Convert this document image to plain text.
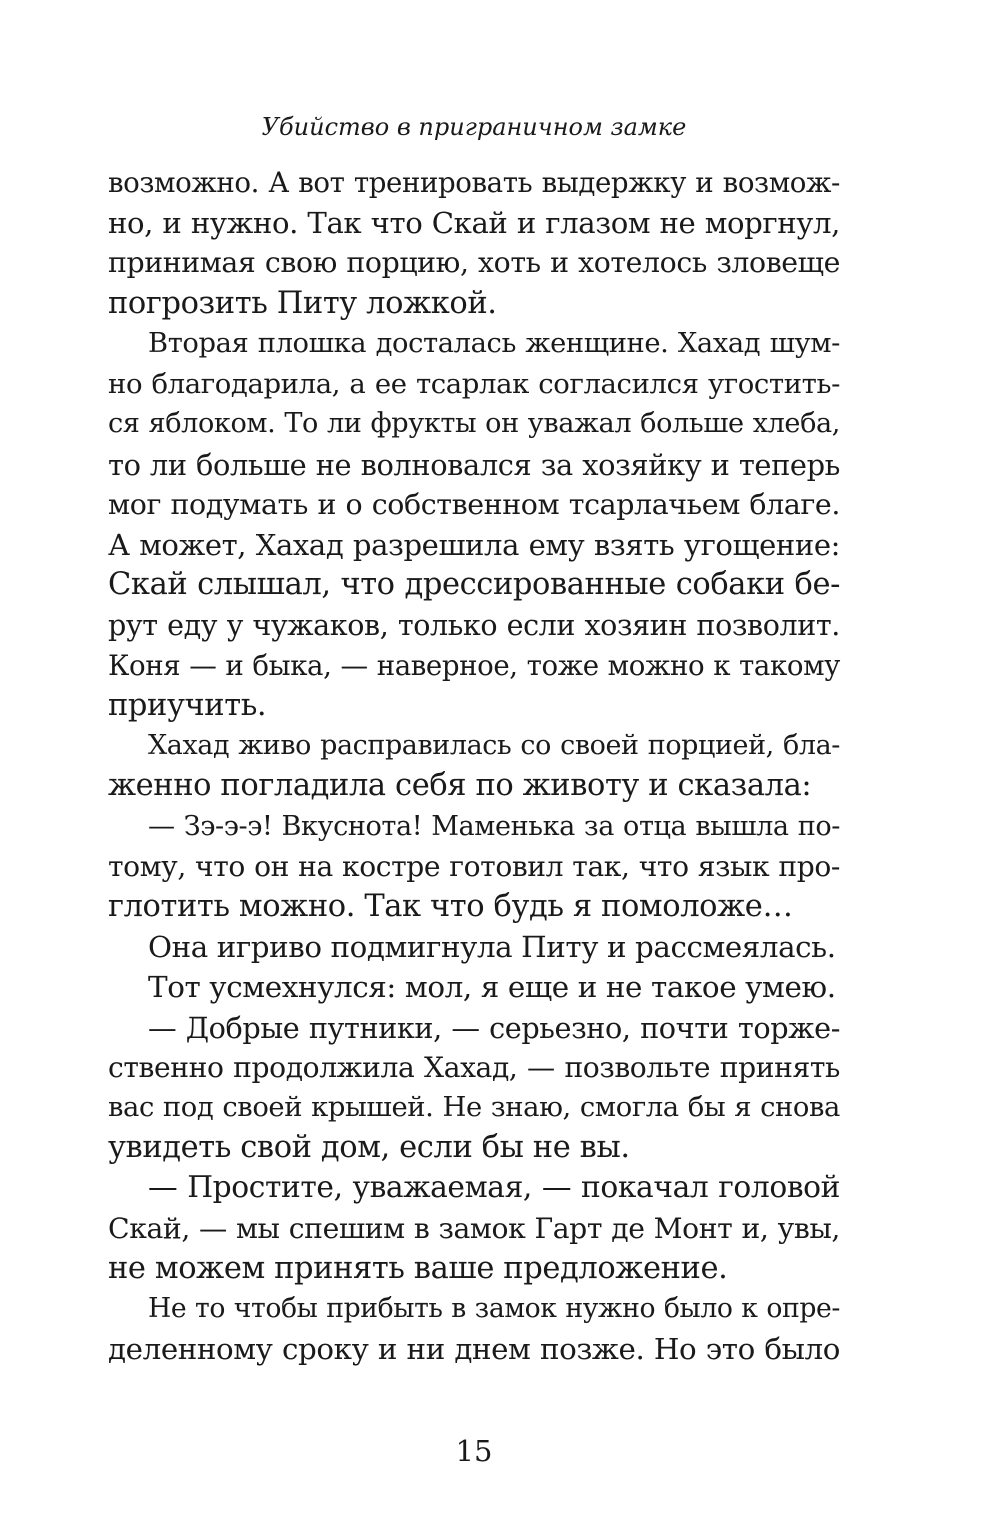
Убийство в приграничном замке
возможно. А вот тренировать выдержку и возмож-
но, и нужно. Так что Скай и глазом не моргнул,
принимая свою порцию, хоть и хотелось зловеще
погрозить Питу ложкой.
Вторая плошка досталась женщине. Хахад шум-
но благодарила, а ее тсарлак согласился угостить-
ся яблоком. То ли фрукты он уважал больше хлеба,
то ли больше не волновался за хозяйку и теперь
мог подумать и о собственном тсарлачьем благе.
А может, Хахад разрешила ему взять угощение:
Скай слышал, что дрессированные собаки бе-
рут еду у чужаков, только если хозяин позволит.
Коня — и быка, — наверное, тоже можно к такому
приучить.
Хахад живо расправилась со своей порцией, бла-
женно погладила себя по животу и сказала:
— Зэ-э-э! Вкуснота! Маменька за отца вышла по-
тому, что он на костре готовил так, что язык про-
глотить можно. Так что будь я помоложе…
Она игриво подмигнула Питу и рассмеялась.
Тот усмехнулся: мол, я еще и не такое умею.
— Добрые путники, — серьезно, почти торже-
ственно продолжила Хахад, — позвольте принять
вас под своей крышей. Не знаю, смогла бы я снова
увидеть свой дом, если бы не вы.
— Простите, уважаемая, — покачал головой
Скай, — мы спешим в замок Гарт де Монт и, увы,
не можем принять ваше предложение.
Не то чтобы прибыть в замок нужно было к опре-
деленному сроку и ни днем позже. Но это было
15
